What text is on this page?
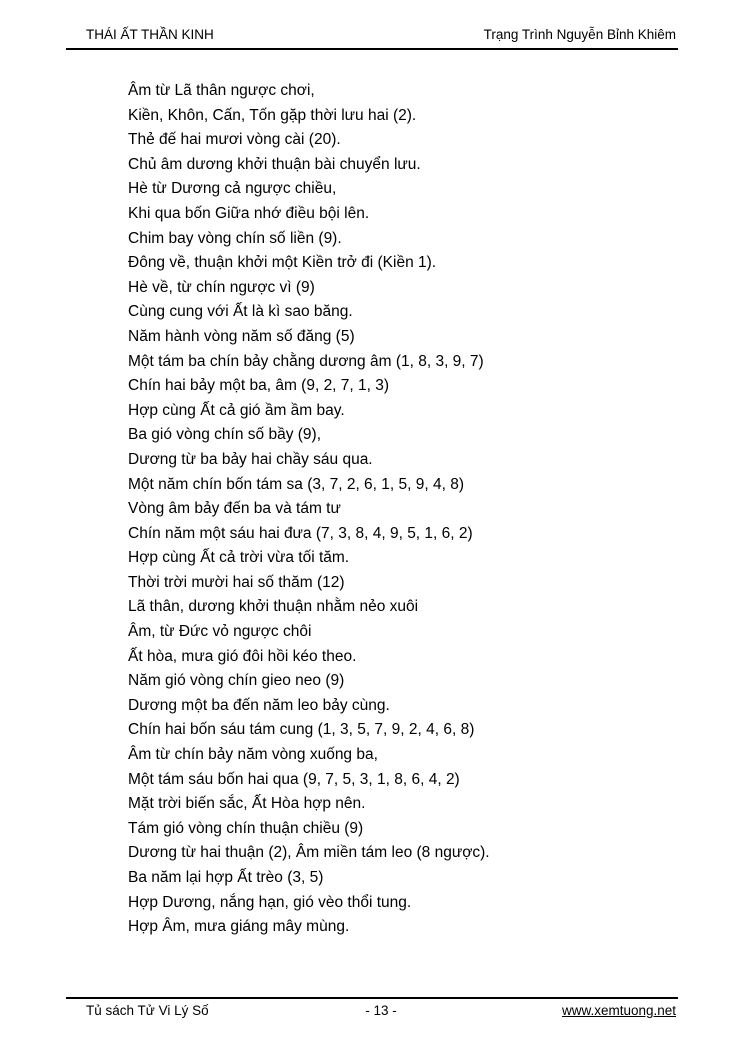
THÁI ẤT THẦN KINH	Trạng Trình Nguyễn Bỉnh Khiêm
Âm từ Lã thân ngược chơi,
Kiền, Khôn, Cấn, Tốn gặp thời lưu hai (2).
Thẻ đế hai mươi vòng cài (20).
Chủ âm dương khởi thuận bài chuyển lưu.
Hè từ Dương cả ngược chiều,
Khi qua bốn Giữa nhớ điều bội lên.
Chim bay vòng chín số liền (9).
Đông về, thuận khởi một Kiền trở đi (Kiền 1).
Hè về, từ chín ngược vì (9)
Cùng cung với Ất là kì sao băng.
Năm hành vòng năm số đăng (5)
Một tám ba chín bảy chằng dương âm (1, 8, 3, 9, 7)
Chín hai bảy một ba, âm (9, 2, 7, 1, 3)
Hợp cùng Ất cả gió ầm ầm bay.
Ba gió vòng chín số bầy (9),
Dương từ ba bảy hai chầy sáu qua.
Một năm chín bốn tám sa (3, 7, 2, 6, 1, 5, 9, 4, 8)
Vòng âm bảy đến ba và tám tư
Chín năm một sáu hai đưa (7, 3, 8, 4, 9, 5, 1, 6, 2)
Hợp cùng Ất cả trời vừa tối tăm.
Thời trời mười hai số thăm (12)
Lã thân, dương khởi thuận nhằm nẻo xuôi
Âm, từ Đức vỏ ngược chôi
Ất hòa, mưa gió đôi hồi kéo theo.
Năm gió vòng chín gieo neo (9)
Dương một ba đến năm leo bảy cùng.
Chín hai bốn sáu tám cung (1, 3, 5, 7, 9, 2, 4, 6, 8)
Âm từ chín bảy năm vòng xuống ba,
Một tám sáu bốn hai qua (9, 7, 5, 3, 1, 8, 6, 4, 2)
Mặt trời biến sắc, Ất Hòa hợp nên.
Tám gió vòng chín thuận chiều (9)
Dương từ hai thuận (2), Âm miền tám leo (8 ngược).
Ba năm lại hợp Ất trèo (3, 5)
Hợp Dương, nắng hạn, gió vèo thổi tung.
Hợp Âm, mưa giáng mây mùng.
Tủ sách Tử Vi Lý Số	- 13 -	www.xemtuong.net
